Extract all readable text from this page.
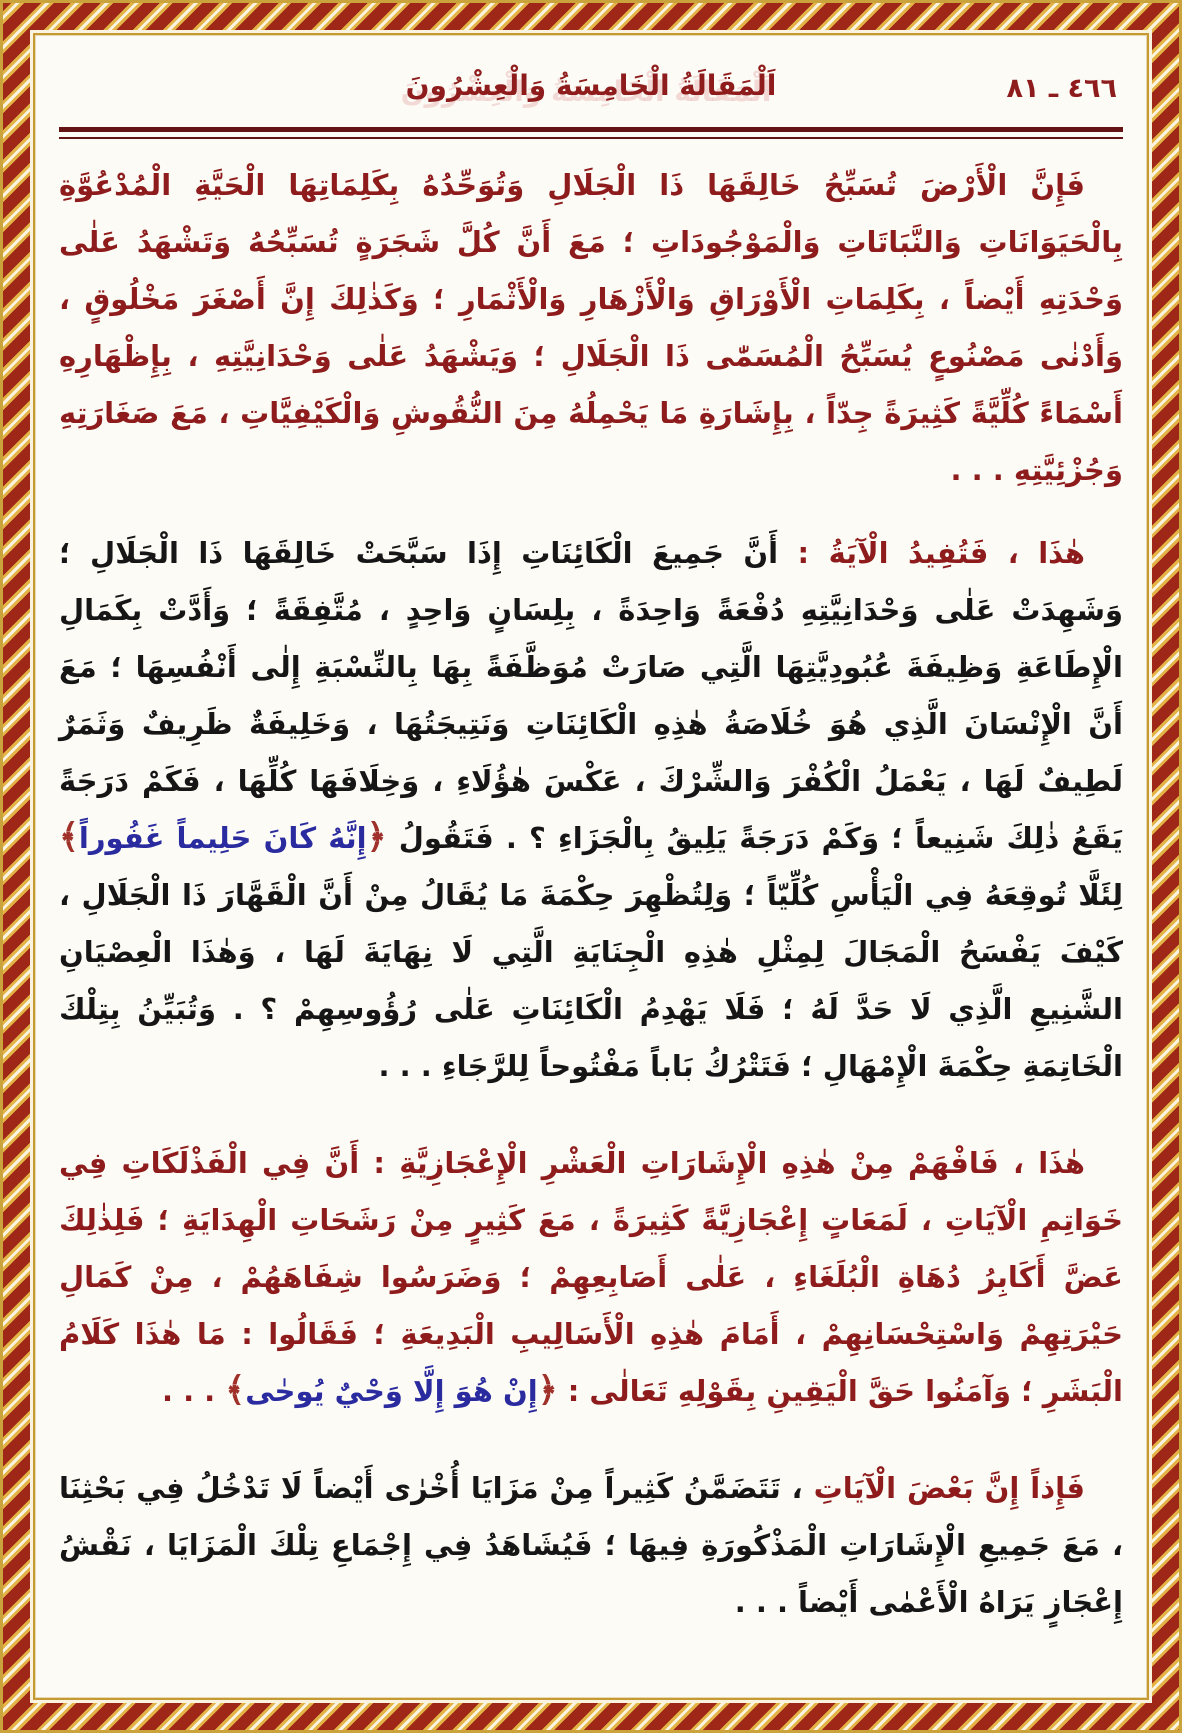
٤٦٦ ـ ٨١
اَلْمَقَالَةُ الْخَامِسَةُ وَالْعِشْرُونَ

فَإِنَّ الْأَرْضَ تُسَبِّحُ خَالِقَهَا ذَا الْجَلَالِ وَتُوَحِّدُهُ بِكَلِمَاتِهَا الْحَيَّةِ الْمُدْعُوَّةِ بِالْحَيَوَانَاتِ وَالنَّبَاتَاتِ وَالْمَوْجُودَاتِ ؛ مَعَ أَنَّ كُلَّ شَجَرَةٍ تُسَبِّحُهُ وَتَشْهَدُ عَلٰى وَحْدَتِهِ أَيْضاً ، بِكَلِمَاتِ الْأَوْرَاقِ وَالْأَزْهَارِ وَالْأَثْمَارِ ؛ وَكَذٰلِكَ إِنَّ أَصْغَرَ مَخْلُوقٍ ، وَأَدْنٰى مَصْنُوعٍ يُسَبِّحُ الْمُسَمّٰى ذَا الْجَلَالِ ؛ وَيَشْهَدُ عَلٰى وَحْدَانِيَّتِهِ ، بِإِظْهَارِهِ أَسْمَاءً كُلِّيَّةً كَثِيرَةً جِدّاً ، بِإِشَارَةِ مَا يَحْمِلُهُ مِنَ النُّقُوشِ وَالْكَيْفِيَّاتِ ، مَعَ صَغَارَتِهِ وَجُزْئِيَّتِهِ . . .

هٰذَا ، فَتُفِيدُ الْآيَةُ : أَنَّ جَمِيعَ الْكَائِنَاتِ إِذَا سَبَّحَتْ خَالِقَهَا ذَا الْجَلَالِ ؛ وَشَهِدَتْ عَلٰى وَحْدَانِيَّتِهِ دُفْعَةً وَاحِدَةً ، بِلِسَانٍ وَاحِدٍ ، مُتَّفِقَةً ؛ وَأَدَّتْ بِكَمَالِ الْإِطَاعَةِ وَظِيفَةَ عُبُودِيَّتِهَا الَّتِي صَارَتْ مُوَظَّفَةً بِهَا بِالنِّسْبَةِ إِلٰى أَنْفُسِهَا ؛ مَعَ أَنَّ الْإِنْسَانَ الَّذِي هُوَ خُلَاصَةُ هٰذِهِ الْكَائِنَاتِ وَنَتِيجَتُهَا ، وَخَلِيفَةٌ ظَرِيفٌ وَثَمَرٌ لَطِيفٌ لَهَا ، يَعْمَلُ الْكُفْرَ وَالشِّرْكَ ، عَكْسَ هٰؤُلَاءِ ، وَخِلَافَهَا كُلِّهَا ، فَكَمْ دَرَجَةً يَقَعُ ذٰلِكَ شَنِيعاً ؛ وَكَمْ دَرَجَةً يَلِيقُ بِالْجَزَاءِ ؟ . فَتَقُولُ ﴿إِنَّهُ كَانَ حَلِيماً غَفُوراً﴾ لِئَلَّا تُوقِعَهُ فِي الْيَأْسِ كُلِّيّاً ؛ وَلِتُظْهِرَ حِكْمَةَ مَا يُقَالُ مِنْ أَنَّ الْقَهَّارَ ذَا الْجَلَالِ ، كَيْفَ يَفْسَحُ الْمَجَالَ لِمِثْلِ هٰذِهِ الْجِنَايَةِ الَّتِي لَا نِهَايَةَ لَهَا ، وَهٰذَا الْعِصْيَانِ الشَّنِيعِ الَّذِي لَا حَدَّ لَهُ ؛ فَلَا يَهْدِمُ الْكَائِنَاتِ عَلٰى رُؤُوسِهِمْ ؟ . وَتُبَيِّنُ بِتِلْكَ الْخَاتِمَةِ حِكْمَةَ الْإِمْهَالِ ؛ فَتَتْرُكُ بَاباً مَفْتُوحاً لِلرَّجَاءِ . . .

هٰذَا ، فَافْهَمْ مِنْ هٰذِهِ الْإِشَارَاتِ الْعَشْرِ الْإِعْجَازِيَّةِ : أَنَّ فِي الْفَذْلَكَاتِ فِي خَوَاتِمِ الْآيَاتِ ، لَمَعَاتٍ إِعْجَازِيَّةً كَثِيرَةً ، مَعَ كَثِيرٍ مِنْ رَشَحَاتِ الْهِدَايَةِ ؛ فَلِذٰلِكَ عَضَّ أَكَابِرُ دُهَاةِ الْبُلَغَاءِ ، عَلٰى أَصَابِعِهِمْ ؛ وَضَرَسُوا شِفَاهَهُمْ ، مِنْ كَمَالِ حَيْرَتِهِمْ وَاسْتِحْسَانِهِمْ ، أَمَامَ هٰذِهِ الْأَسَالِيبِ الْبَدِيعَةِ ؛ فَقَالُوا : مَا هٰذَا كَلَامُ الْبَشَرِ ؛ وَآمَنُوا حَقَّ الْيَقِينِ بِقَوْلِهِ تَعَالٰى : ﴿إِنْ هُوَ إِلَّا وَحْيٌ يُوحٰى﴾ . . .

فَإِذاً إِنَّ بَعْضَ الْآيَاتِ ، تَتَضَمَّنُ كَثِيراً مِنْ مَزَايَا أُخْرٰى أَيْضاً لَا تَدْخُلُ فِي بَحْثِنَا ، مَعَ جَمِيعِ الْإِشَارَاتِ الْمَذْكُورَةِ فِيهَا ؛ فَيُشَاهَدُ فِي إِجْمَاعِ تِلْكَ الْمَزَايَا ، نَقْشُ إِعْجَازٍ يَرَاهُ الْأَعْمٰى أَيْضاً . . .
